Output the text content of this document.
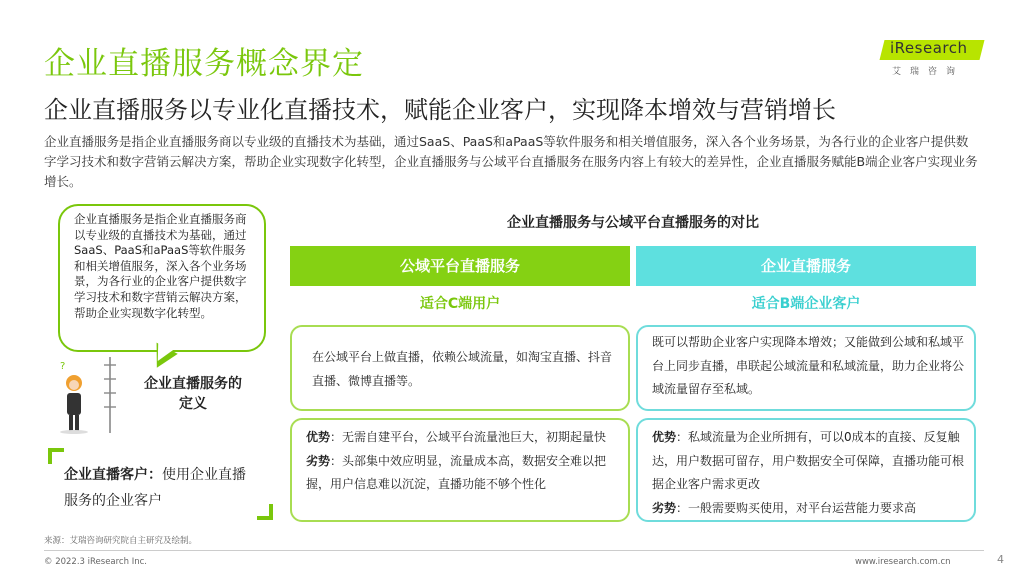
企业直播服务概念界定
企业直播服务以专业化直播技术，赋能企业客户，实现降本增效与营销增长
企业直播服务是指企业直播服务商以专业级的直播技术为基础，通过SaaS、PaaS和aPaaS等软件服务和相关增值服务，深入各个业务场景，为各行业的企业客户提供数字学习技术和数字营销云解决方案，帮助企业实现数字化转型，企业直播服务与公域平台直播服务在服务内容上有较大的差异性，企业直播服务赋能B端企业客户实现业务增长。
iResearch
艾瑞咨询
企业直播服务是指企业直播服务商以专业级的直播技术为基础，通过SaaS、PaaS和aPaaS等软件服务和相关增值服务，深入各个业务场景，为各行业的企业客户提供数字学习技术和数字营销云解决方案，帮助企业实现数字化转型。
?
企业直播服务的定义
企业直播客户：使用企业直播服务的企业客户
企业直播服务与公域平台直播服务的对比
公域平台直播服务	企业直播服务
适合C端用户	适合B端企业客户
在公域平台上做直播，依赖公域流量，如淘宝直播、抖音直播、微博直播等。
既可以帮助企业客户实现降本增效；又能做到公域和私域平台上同步直播，串联起公域流量和私域流量，助力企业将公域流量留存至私域。
优势：无需自建平台，公域平台流量池巨大，初期起量快
劣势：头部集中效应明显，流量成本高，数据安全难以把握，用户信息难以沉淀，直播功能不够个性化
优势：私域流量为企业所拥有，可以0成本的直接、反复触达，用户数据可留存，用户数据安全可保障，直播功能可根据企业客户需求更改
劣势：一般需要购买使用，对平台运营能力要求高
来源：艾瑞咨询研究院自主研究及绘制。
© 2022.3 iResearch Inc.	www.iresearch.com.cn	4
